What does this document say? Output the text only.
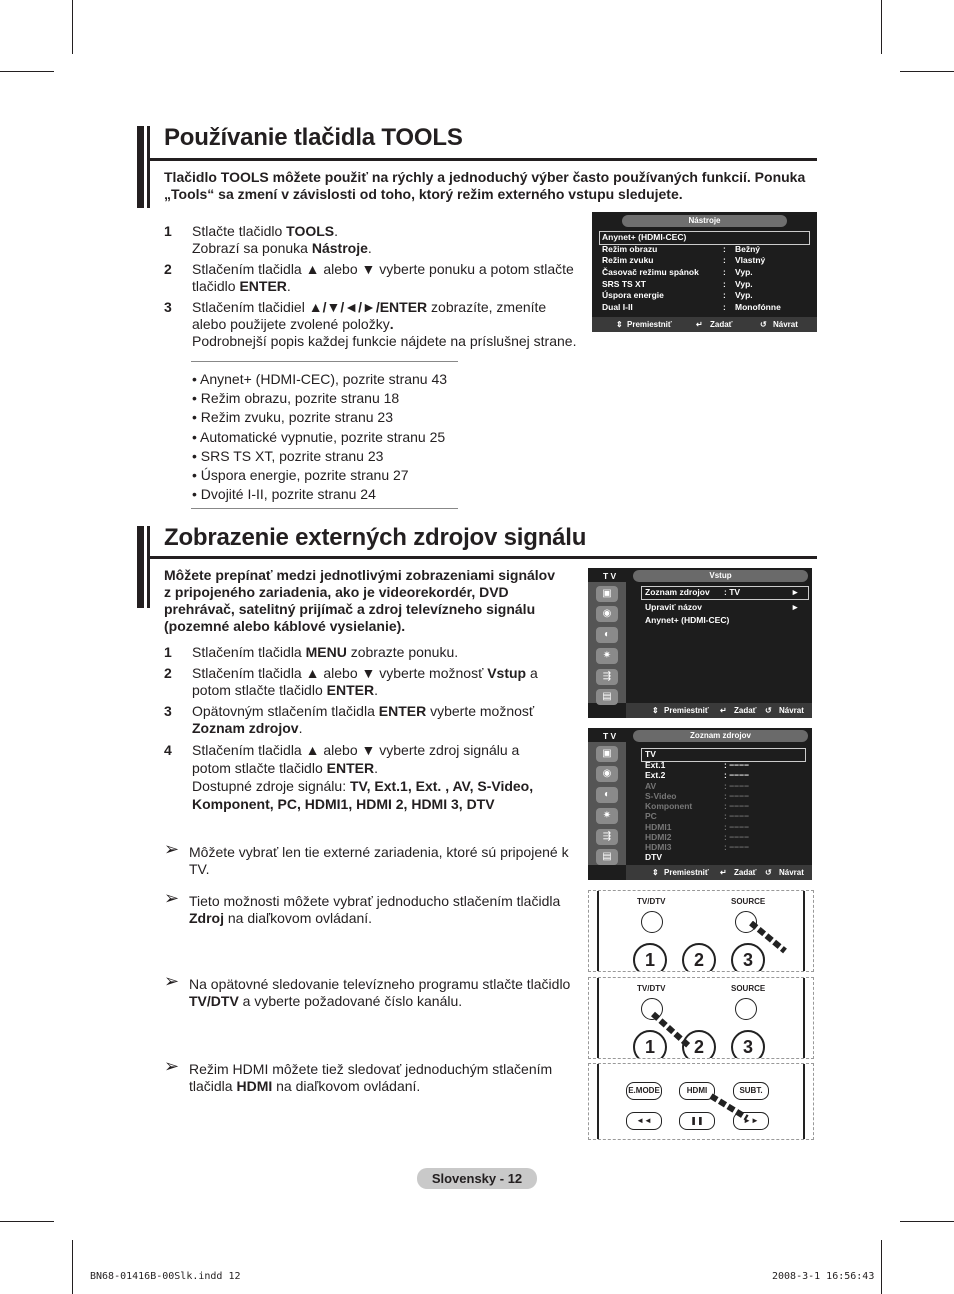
Používanie tlačidla TOOLS
Tlačidlo TOOLS môžete použiť na rýchly a jednoduchý výber často používaných funkcií. Ponuka „Tools“ sa zmení v závislosti od toho, ktorý režim externého vstupu sledujete.
1 Stlačte tlačidlo TOOLS.
Zobrazí sa ponuka Nástroje.
2 Stlačením tlačidla ▲ alebo ▼ vyberte ponuku a potom stlačte tlačidlo ENTER.
3 Stlačením tlačidiel ▲/▼/◄/►/ENTER zobrazíte, zmeníte alebo použijete zvolené položky.
Podrobnejší popis každej funkcie nájdete na príslušnej strane.
• Anynet+ (HDMI-CEC), pozrite stranu 43
• Režim obrazu, pozrite stranu 18
• Režim zvuku, pozrite stranu 23
• Automatické vypnutie, pozrite stranu 25
• SRS TS XT, pozrite stranu 23
• Úspora energie, pozrite stranu 27
• Dvojité I-II, pozrite stranu 24
Nástroje
Anynet+ (HDMI-CEC)
Režim obrazu	: Bežný
Režim zvuku	: Vlastný
Časovač režimu spánok	: Vyp.
SRS TS XT	: Vyp.
Úspora energie	: Vyp.
Dual I-II	: Monofónne
⇕ Premiestniť	↵ Zadať	↺ Návrat
Zobrazenie externých zdrojov signálu
Môžete prepínať medzi jednotlivými zobrazeniami signálov z pripojeného zariadenia, ako je videorekordér, DVD prehrávač, satelitný prijímač a zdroj televízneho signálu (pozemné alebo káblové vysielanie).
1 Stlačením tlačidla MENU zobrazte ponuku.
2 Stlačením tlačidla ▲ alebo ▼ vyberte možnosť Vstup a potom stlačte tlačidlo ENTER.
3 Opätovným stlačením tlačidla ENTER vyberte možnosť Zoznam zdrojov.
4 Stlačením tlačidla ▲ alebo ▼ vyberte zdroj signálu a potom stlačte tlačidlo ENTER.
Dostupné zdroje signálu: TV, Ext.1, Ext. , AV, S-Video, Komponent, PC, HDMI1, HDMI 2, HDMI 3, DTV
➢ Môžete vybrať len tie externé zariadenia, ktoré sú pripojené k TV.
➢ Tieto možnosti môžete vybrať jednoducho stlačením tlačidla Zdroj na diaľkovom ovládaní.
➢ Na opätovné sledovanie televízneho programu stlačte tlačidlo TV/DTV a vyberte požadované číslo kanálu.
➢ Režim HDMI môžete tiež sledovať jednoduchým stlačením tlačidla HDMI na diaľkovom ovládaní.
T V	Vstup
▣
◉
◐
✷
⇶
▤
Zoznam zdrojov : TV	►
Upraviť názov	►
Anynet+ (HDMI-CEC)
⇕ Premiestniť ↵ Zadať ↺ Návrat
T V	Zoznam zdrojov
▣
◉
◐
✷
⇶
▤
TV
Ext.1	: −−−−
Ext.2	: −−−−
AV	: −−−−
S-Video	: −−−−
Komponent	: −−−−
PC	: −−−−
HDMI1	: −−−−
HDMI2	: −−−−
HDMI3	: −−−−
DTV
⇕ Premiestniť ↵ Zadať ↺ Návrat
TV/DTV	SOURCE
1	2	3
TV/DTV	SOURCE
1	2	3
E.MODE	HDMI	SUBT.
◄◄	❚❚	►►
Slovensky - 12
BN68-01416B-00Slk.indd 12	2008-3-1 16:56:43
